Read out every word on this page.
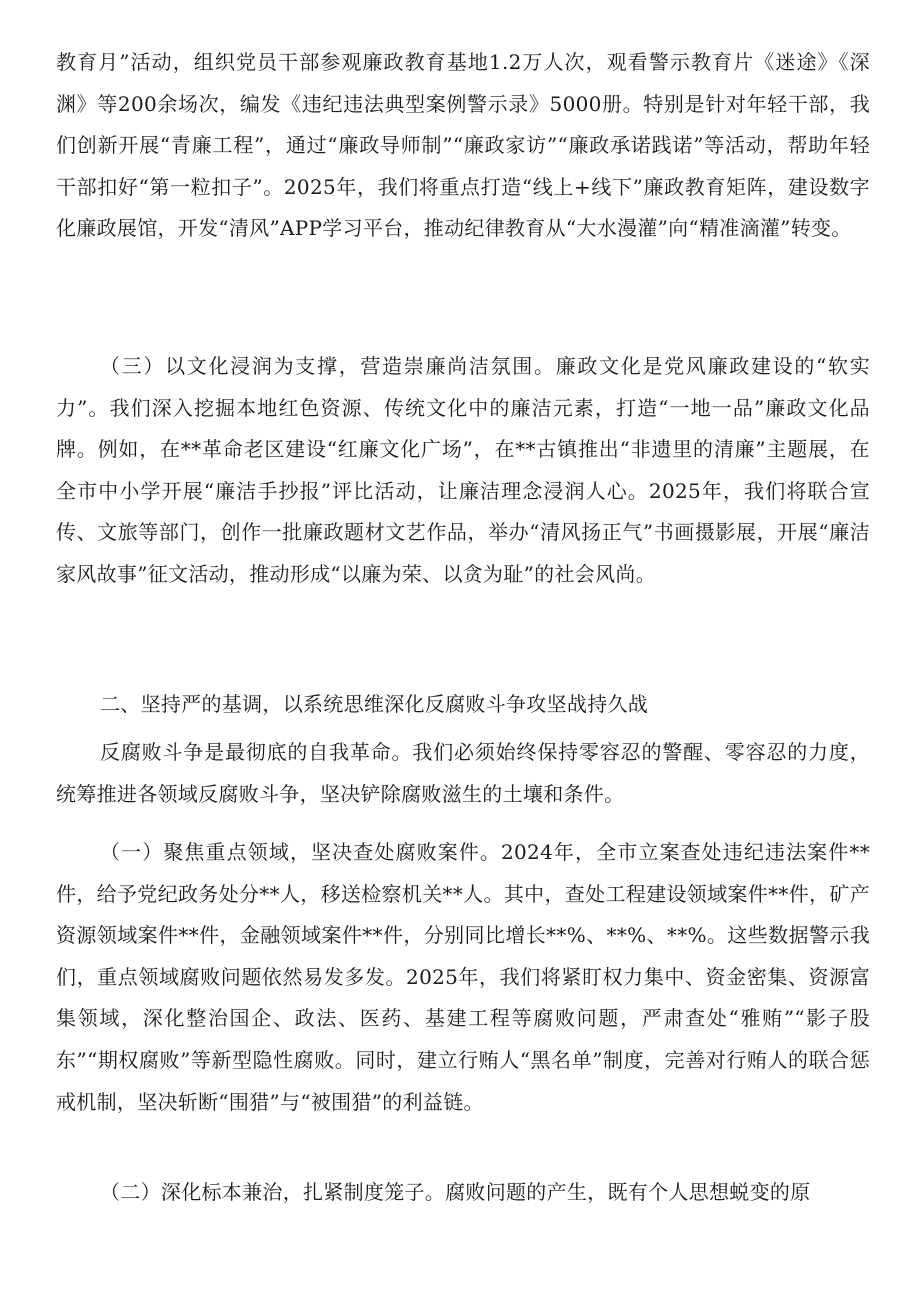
教育月”活动，组织党员干部参观廉政教育基地1.2万人次，观看警示教育片《迷途》《深渊》等200余场次，编发《违纪违法典型案例警示录》5000册。特别是针对年轻干部，我们创新开展“青廉工程”，通过“廉政导师制”“廉政家访”“廉政承诺践诺”等活动，帮助年轻干部扣好“第一粒扣子”。2025年，我们将重点打造“线上+线下”廉政教育矩阵，建设数字化廉政展馆，开发“清风”APP学习平台，推动纪律教育从“大水漫灌”向“精准滴灌”转变。

（三）以文化浸润为支撑，营造崇廉尚洁氛围。廉政文化是党风廉政建设的“软实力”。我们深入挖掘本地红色资源、传统文化中的廉洁元素，打造“一地一品”廉政文化品牌。例如，在**革命老区建设“红廉文化广场”，在**古镇推出“非遗里的清廉”主题展，在全市中小学开展“廉洁手抄报”评比活动，让廉洁理念浸润人心。2025年，我们将联合宣传、文旅等部门，创作一批廉政题材文艺作品，举办“清风扬正气”书画摄影展，开展“廉洁家风故事”征文活动，推动形成“以廉为荣、以贪为耻”的社会风尚。

二、坚持严的基调，以系统思维深化反腐败斗争攻坚战持久战

反腐败斗争是最彻底的自我革命。我们必须始终保持零容忍的警醒、零容忍的力度，统筹推进各领域反腐败斗争，坚决铲除腐败滋生的土壤和条件。

（一）聚焦重点领域，坚决查处腐败案件。2024年，全市立案查处违纪违法案件**件，给予党纪政务处分**人，移送检察机关**人。其中，查处工程建设领域案件**件，矿产资源领域案件**件，金融领域案件**件，分别同比增长**%、**%、**%。这些数据警示我们，重点领域腐败问题依然易发多发。2025年，我们将紧盯权力集中、资金密集、资源富集领域，深化整治国企、政法、医药、基建工程等腐败问题，严肃查处“雅贿”“影子股东”“期权腐败”等新型隐性腐败。同时，建立行贿人“黑名单”制度，完善对行贿人的联合惩戒机制，坚决斩断“围猎”与“被围猎”的利益链。

（二）深化标本兼治，扎紧制度笼子。腐败问题的产生，既有个人思想蜕变的原
